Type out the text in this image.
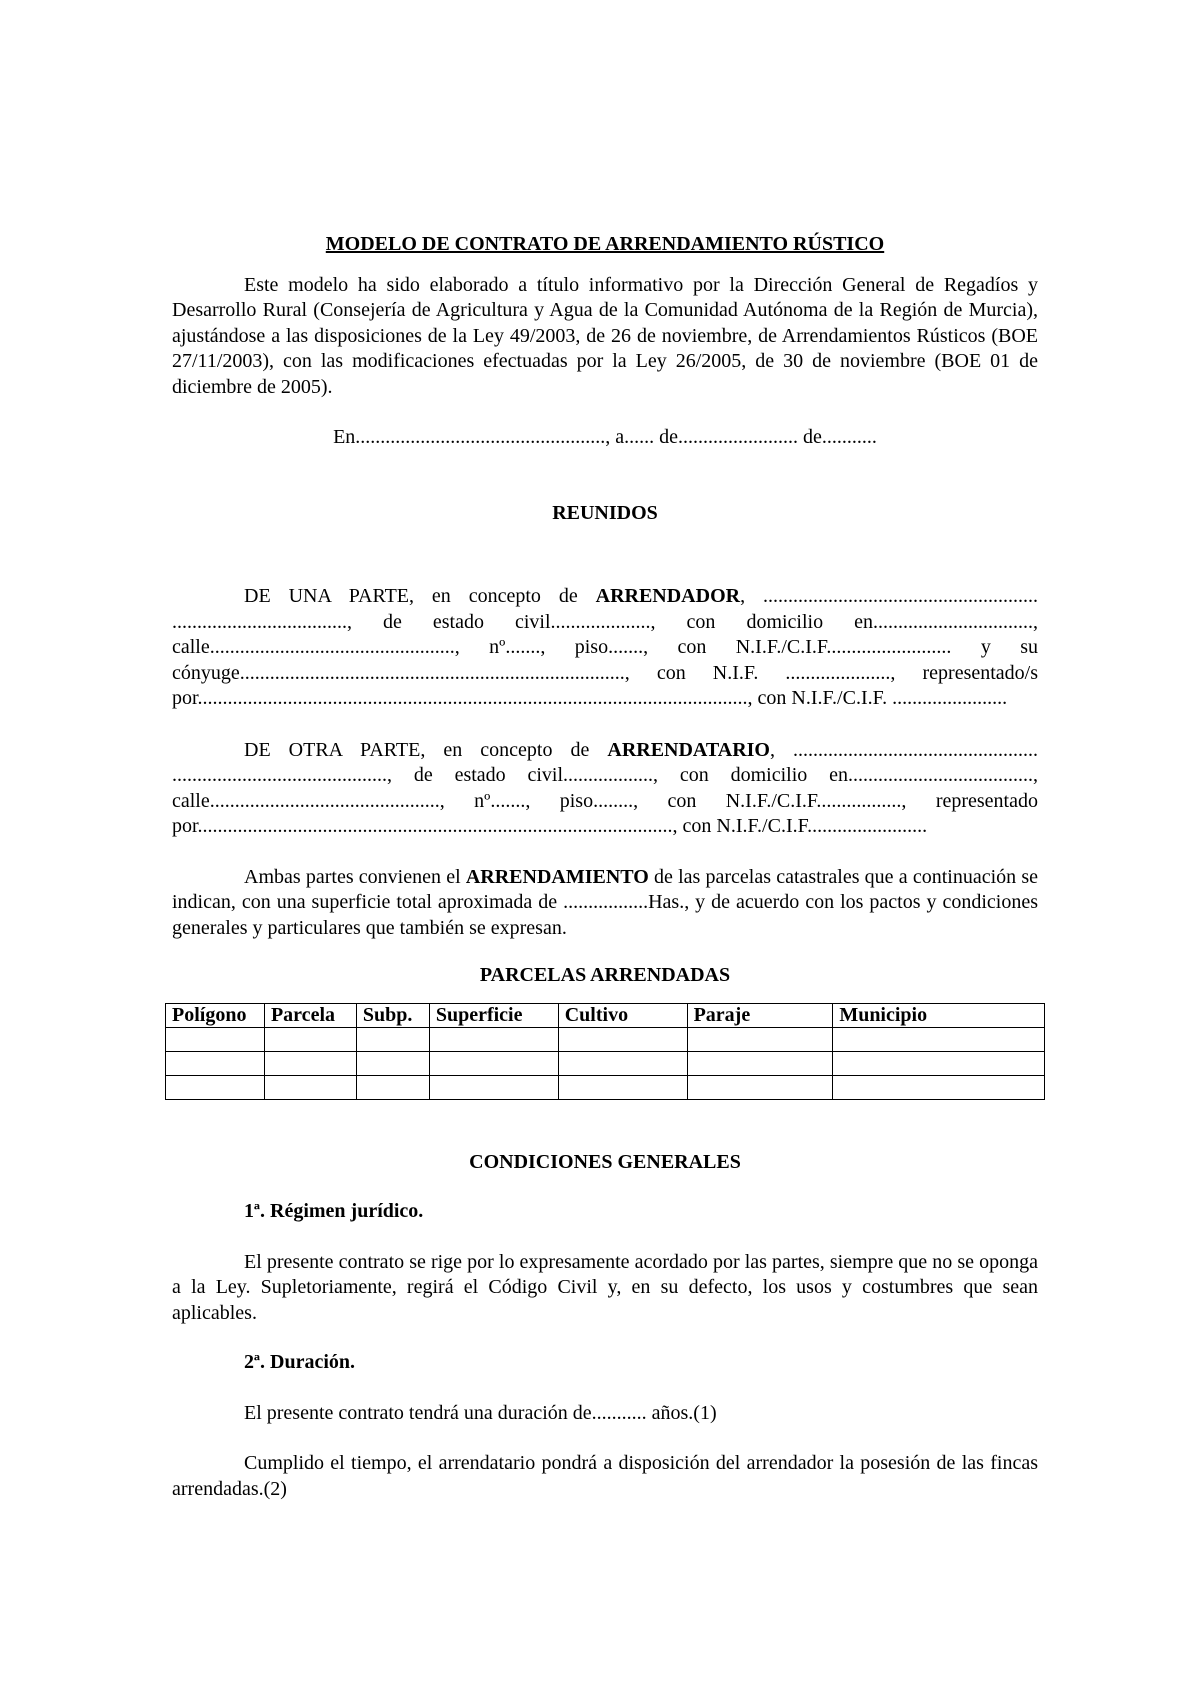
MODELO DE CONTRATO DE ARRENDAMIENTO RÚSTICO

Este modelo ha sido elaborado a título informativo por la Dirección General de Regadíos y Desarrollo Rural (Consejería de Agricultura y Agua de la Comunidad Autónoma de la Región de Murcia), ajustándose a las disposiciones de la Ley 49/2003, de 26 de noviembre, de Arrendamientos Rústicos (BOE 27/11/2003), con las modificaciones efectuadas por la Ley 26/2005, de 30 de noviembre (BOE 01 de diciembre de 2005).

En.................................................., a...... de........................ de...........

REUNIDOS

DE UNA PARTE, en concepto de ARRENDADOR, ....................................................... ..................................., de estado civil...................., con domicilio en................................, calle................................................., nº......., piso......., con N.I.F./C.I.F......................... y su cónyuge............................................................................., con N.I.F. ....................., representado/s por.............................................................................................................., con N.I.F./C.I.F. .......................

DE OTRA PARTE, en concepto de ARRENDATARIO, ................................................. ..........................................., de estado civil.................., con domicilio en....................................., calle.............................................., nº......., piso........, con N.I.F./C.I.F................., representado por..............................................................................................., con N.I.F./C.I.F........................

Ambas partes convienen el ARRENDAMIENTO de las parcelas catastrales que a continuación se indican, con una superficie total aproximada de .................Has., y de acuerdo con los pactos y condiciones generales y particulares que también se expresan.

PARCELAS ARRENDADAS
Polígono	Parcela	Subp.	Superficie	Cultivo	Paraje	Municipio

CONDICIONES GENERALES
1ª. Régimen jurídico.

El presente contrato se rige por lo expresamente acordado por las partes, siempre que no se oponga a la Ley. Supletoriamente, regirá el Código Civil y, en su defecto, los usos y costumbres que sean aplicables.

2ª. Duración.

El presente contrato tendrá una duración de........... años.(1)

Cumplido el tiempo, el arrendatario pondrá a disposición del arrendador la posesión de las fincas arrendadas.(2)
